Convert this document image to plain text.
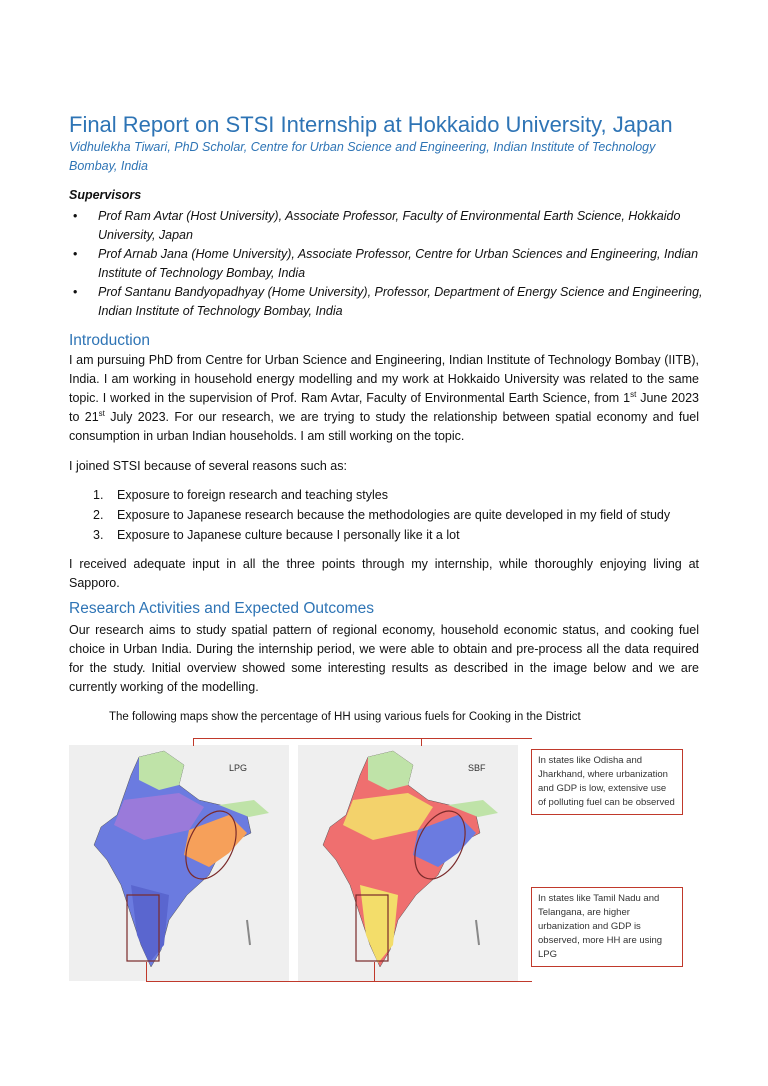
Final Report on STSI Internship at Hokkaido University, Japan
Vidhulekha Tiwari, PhD Scholar, Centre for Urban Science and Engineering, Indian Institute of Technology Bombay, India
Supervisors
• Prof Ram Avtar (Host University), Associate Professor, Faculty of Environmental Earth Science, Hokkaido University, Japan
• Prof Arnab Jana (Home University), Associate Professor, Centre for Urban Sciences and Engineering, Indian Institute of Technology Bombay, India
• Prof Santanu Bandyopadhyay (Home University), Professor, Department of Energy Science and Engineering, Indian Institute of Technology Bombay, India
Introduction
I am pursuing PhD from Centre for Urban Science and Engineering, Indian Institute of Technology Bombay (IITB), India. I am working in household energy modelling and my work at Hokkaido University was related to the same topic. I worked in the supervision of Prof. Ram Avtar, Faculty of Environmental Earth Science, from 1st June 2023 to 21st July 2023. For our research, we are trying to study the relationship between spatial economy and fuel consumption in urban Indian households. I am still working on the topic.
I joined STSI because of several reasons such as:
1. Exposure to foreign research and teaching styles
2. Exposure to Japanese research because the methodologies are quite developed in my field of study
3. Exposure to Japanese culture because I personally like it a lot
I received adequate input in all the three points through my internship, while thoroughly enjoying living at Sapporo.
Research Activities and Expected Outcomes
Our research aims to study spatial pattern of regional economy, household economic status, and cooking fuel choice in Urban India. During the internship period, we were able to obtain and pre-process all the data required for the study. Initial overview showed some interesting results as described in the image below and we are currently working of the modelling.
The following maps show the percentage of HH using various fuels for Cooking in the District
LPG	SBF
In states like Odisha and Jharkhand, where urbanization and GDP is low, extensive use of polluting fuel can be observed
In states like Tamil Nadu and Telangana, are higher urbanization and GDP is observed, more HH are using LPG
